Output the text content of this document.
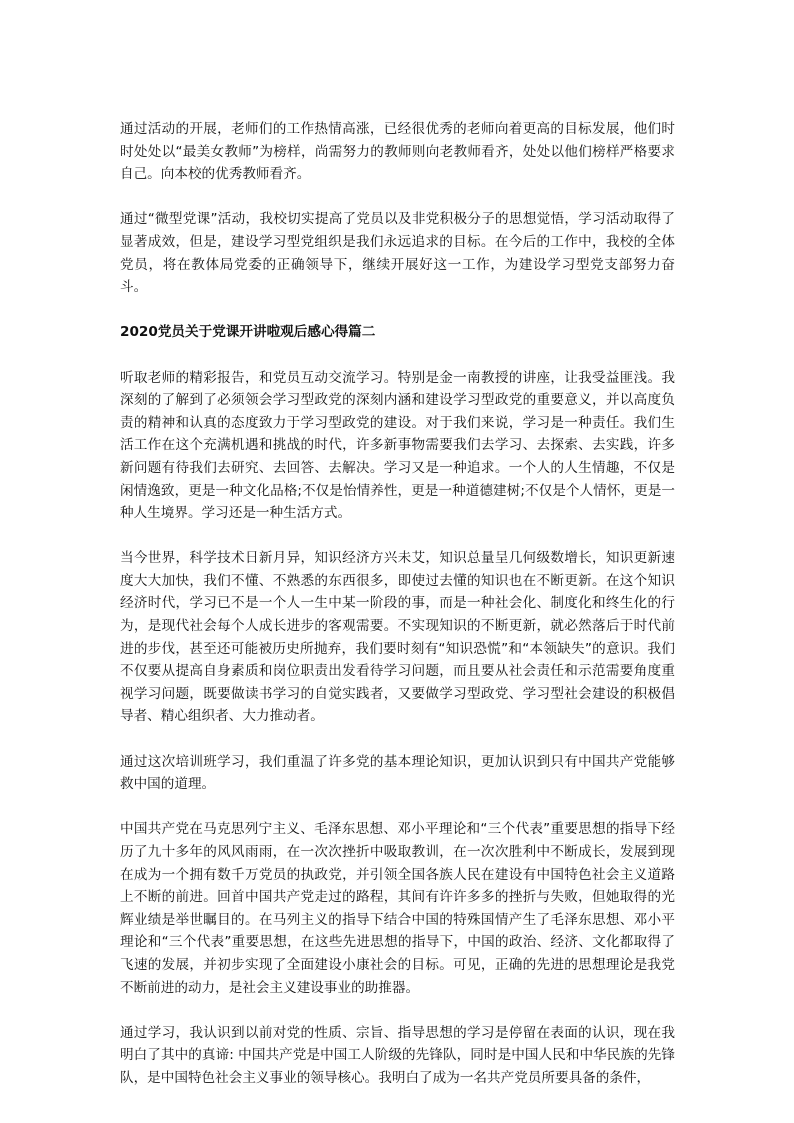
通过活动的开展，老师们的工作热情高涨，已经很优秀的老师向着更高的目标发展，他们时时处处以“最美女教师”为榜样，尚需努力的教师则向老教师看齐，处处以他们榜样严格要求自己。向本校的优秀教师看齐。

通过“微型党课”活动，我校切实提高了党员以及非党积极分子的思想觉悟，学习活动取得了显著成效，但是，建设学习型党组织是我们永远追求的目标。在今后的工作中，我校的全体党员，将在教体局党委的正确领导下，继续开展好这一工作，为建设学习型党支部努力奋斗。

2020党员关于党课开讲啦观后感心得篇二

听取老师的精彩报告，和党员互动交流学习。特别是金一南教授的讲座，让我受益匪浅。我深刻的了解到了必须领会学习型政党的深刻内涵和建设学习型政党的重要意义，并以高度负责的精神和认真的态度致力于学习型政党的建设。对于我们来说，学习是一种责任。我们生活工作在这个充满机遇和挑战的时代，许多新事物需要我们去学习、去探索、去实践，许多新问题有待我们去研究、去回答、去解决。学习又是一种追求。一个人的人生情趣，不仅是闲情逸致，更是一种文化品格;不仅是怡情养性，更是一种道德建树;不仅是个人情怀，更是一种人生境界。学习还是一种生活方式。

当今世界，科学技术日新月异，知识经济方兴未艾，知识总量呈几何级数增长，知识更新速度大大加快，我们不懂、不熟悉的东西很多，即使过去懂的知识也在不断更新。在这个知识经济时代，学习已不是一个人一生中某一阶段的事，而是一种社会化、制度化和终生化的行为，是现代社会每个人成长进步的客观需要。不实现知识的不断更新，就必然落后于时代前进的步伐，甚至还可能被历史所抛弃，我们要时刻有“知识恐慌”和“本领缺失”的意识。我们不仅要从提高自身素质和岗位职责出发看待学习问题，而且要从社会责任和示范需要角度重视学习问题，既要做读书学习的自觉实践者，又要做学习型政党、学习型社会建设的积极倡导者、精心组织者、大力推动者。

通过这次培训班学习，我们重温了许多党的基本理论知识，更加认识到只有中国共产党能够救中国的道理。

中国共产党在马克思列宁主义、毛泽东思想、邓小平理论和“三个代表”重要思想的指导下经历了九十多年的风风雨雨，在一次次挫折中吸取教训，在一次次胜利中不断成长，发展到现在成为一个拥有数千万党员的执政党，并引领全国各族人民在建设有中国特色社会主义道路上不断的前进。回首中国共产党走过的路程，其间有许许多多的挫折与失败，但她取得的光辉业绩是举世瞩目的。在马列主义的指导下结合中国的特殊国情产生了毛泽东思想、邓小平理论和“三个代表”重要思想，在这些先进思想的指导下，中国的政治、经济、文化都取得了飞速的发展，并初步实现了全面建设小康社会的目标。可见，正确的先进的思想理论是我党不断前进的动力，是社会主义建设事业的助推器。

通过学习，我认识到以前对党的性质、宗旨、指导思想的学习是停留在表面的认识，现在我明白了其中的真谛: 中国共产党是中国工人阶级的先锋队，同时是中国人民和中华民族的先锋队，是中国特色社会主义事业的领导核心。我明白了成为一名共产党员所要具备的条件，
